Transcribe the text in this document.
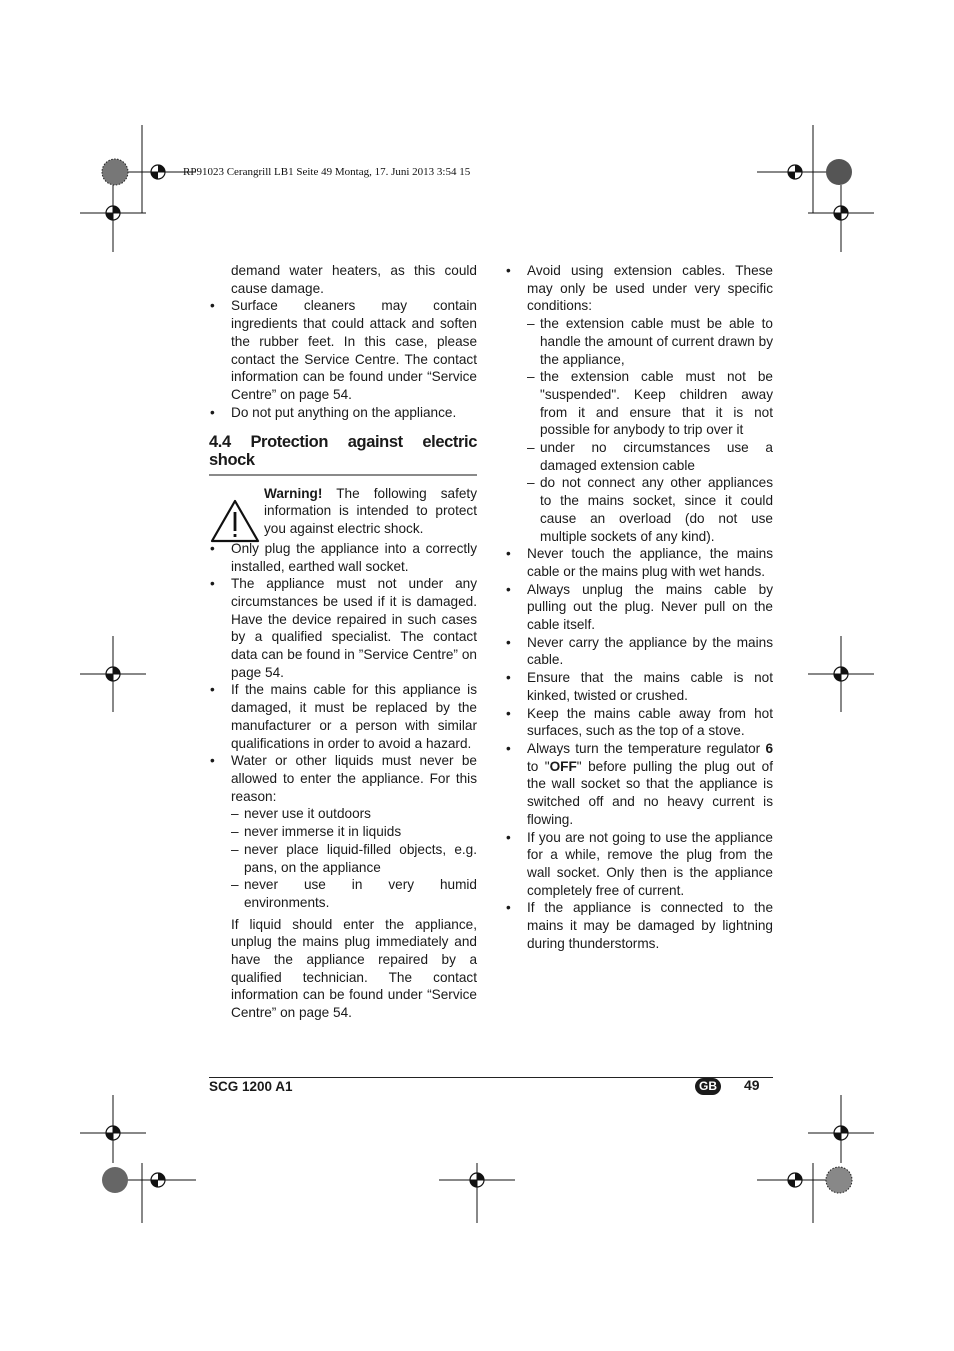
RP91023 Cerangrill LB1 Seite 49 Montag, 17. Juni 2013 3:54 15

demand water heaters, as this could cause damage.

• Surface cleaners may contain ingredients that could attack and soften the rubber feet. In this case, please contact the Service Centre. The contact information can be found under “Service Centre” on page 54.

• Do not put anything on the appliance.

4.4 Protection against electric shock

Warning! The following safety information is intended to protect you against electric shock.

• Only plug the appliance into a correctly installed, earthed wall socket.

• The appliance must not under any circumstances be used if it is damaged. Have the device repaired in such cases by a qualified specialist. The contact data can be found in ”Service Centre” on page 54.

• If the mains cable for this appliance is damaged, it must be replaced by the manufacturer or a person with similar qualifications in order to avoid a hazard.

• Water or other liquids must never be allowed to enter the appliance. For this reason:

– never use it outdoors

– never immerse it in liquids

– never place liquid-filled objects, e.g. pans, on the appliance

– never use in very humid environments.

If liquid should enter the appliance, unplug the mains plug immediately and have the appliance repaired by a qualified technician. The contact information can be found under “Service Centre” on page 54.

• Avoid using extension cables. These may only be used under very specific conditions:

– the extension cable must be able to handle the amount of current drawn by the appliance,

– the extension cable must not be "suspended". Keep children away from it and ensure that it is not possible for anybody to trip over it

– under no circumstances use a damaged extension cable

– do not connect any other appliances to the mains socket, since it could cause an overload (do not use multiple sockets of any kind).

• Never touch the appliance, the mains cable or the mains plug with wet hands.

• Always unplug the mains cable by pulling out the plug. Never pull on the cable itself.

• Never carry the appliance by the mains cable.

• Ensure that the mains cable is not kinked, twisted or crushed.

• Keep the mains cable away from hot surfaces, such as the top of a stove.

• Always turn the temperature regulator 6 to "OFF" before pulling the plug out of the wall socket so that the appliance is switched off and no heavy current is flowing.

• If you are not going to use the appliance for a while, remove the plug from the wall socket. Only then is the appliance completely free of current.

• If the appliance is connected to the mains it may be damaged by lightning during thunderstorms.

SCG 1200 A1	GB 49
